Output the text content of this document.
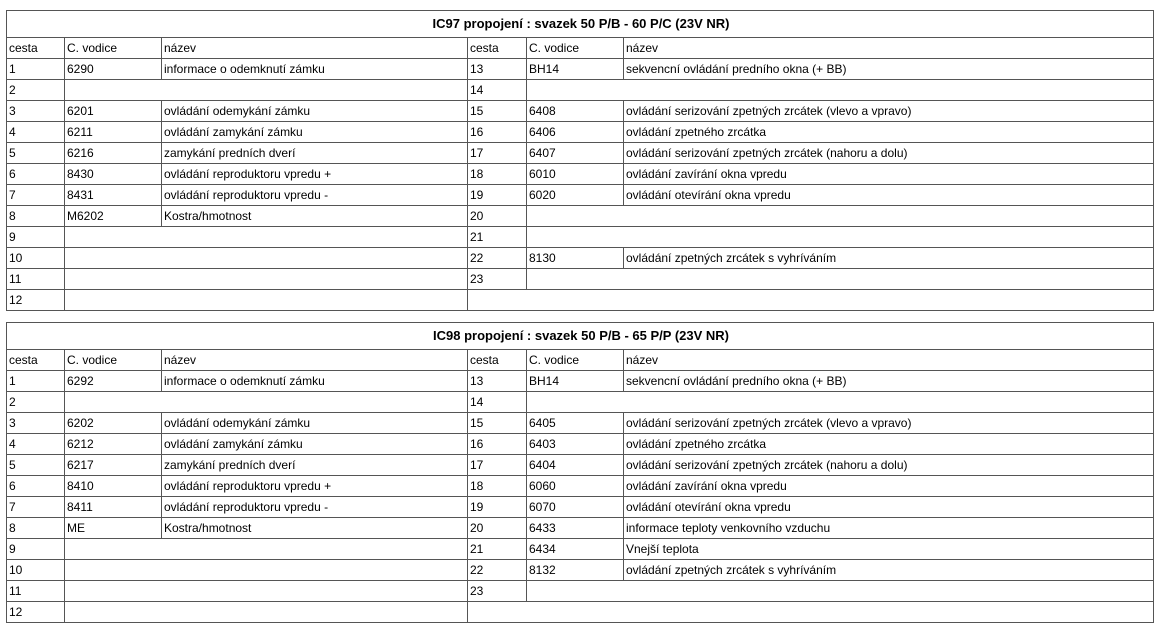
IC97 propojení : svazek 50 P/B - 60 P/C (23V NR)					
cesta	C. vodice	název	cesta	C. vodice	název
1	6290	informace o odemknutí zámku	13	BH14	sekvencní ovládání predního okna (+ BB)
2			14		
3	6201	ovládání odemykání zámku	15	6408	ovládání serizování zpetných zrcátek (vlevo a vpravo)
4	6211	ovládání zamykání zámku	16	6406	ovládání zpetného zrcátka
5	6216	zamykání predních dverí	17	6407	ovládání serizování zpetných zrcátek (nahoru a dolu)
6	8430	ovládání reproduktoru vpredu +	18	6010	ovládání zavírání okna vpredu
7	8431	ovládání reproduktoru vpredu -	19	6020	ovládání otevírání okna vpredu
8	M6202	Kostra/hmotnost	20		
9			21		
10			22	8130	ovládání zpetných zrcátek s vyhríváním
11			23		
12					
IC98 propojení : svazek 50 P/B - 65 P/P (23V NR)					
cesta	C. vodice	název	cesta	C. vodice	název
1	6292	informace o odemknutí zámku	13	BH14	sekvencní ovládání predního okna (+ BB)
2			14		
3	6202	ovládání odemykání zámku	15	6405	ovládání serizování zpetných zrcátek (vlevo a vpravo)
4	6212	ovládání zamykání zámku	16	6403	ovládání zpetného zrcátka
5	6217	zamykání predních dverí	17	6404	ovládání serizování zpetných zrcátek (nahoru a dolu)
6	8410	ovládání reproduktoru vpredu +	18	6060	ovládání zavírání okna vpredu
7	8411	ovládání reproduktoru vpredu -	19	6070	ovládání otevírání okna vpredu
8	ME	Kostra/hmotnost	20	6433	informace teploty venkovního vzduchu
9			21	6434	Vnejší teplota
10			22	8132	ovládání zpetných zrcátek s vyhríváním
11			23		
12					
